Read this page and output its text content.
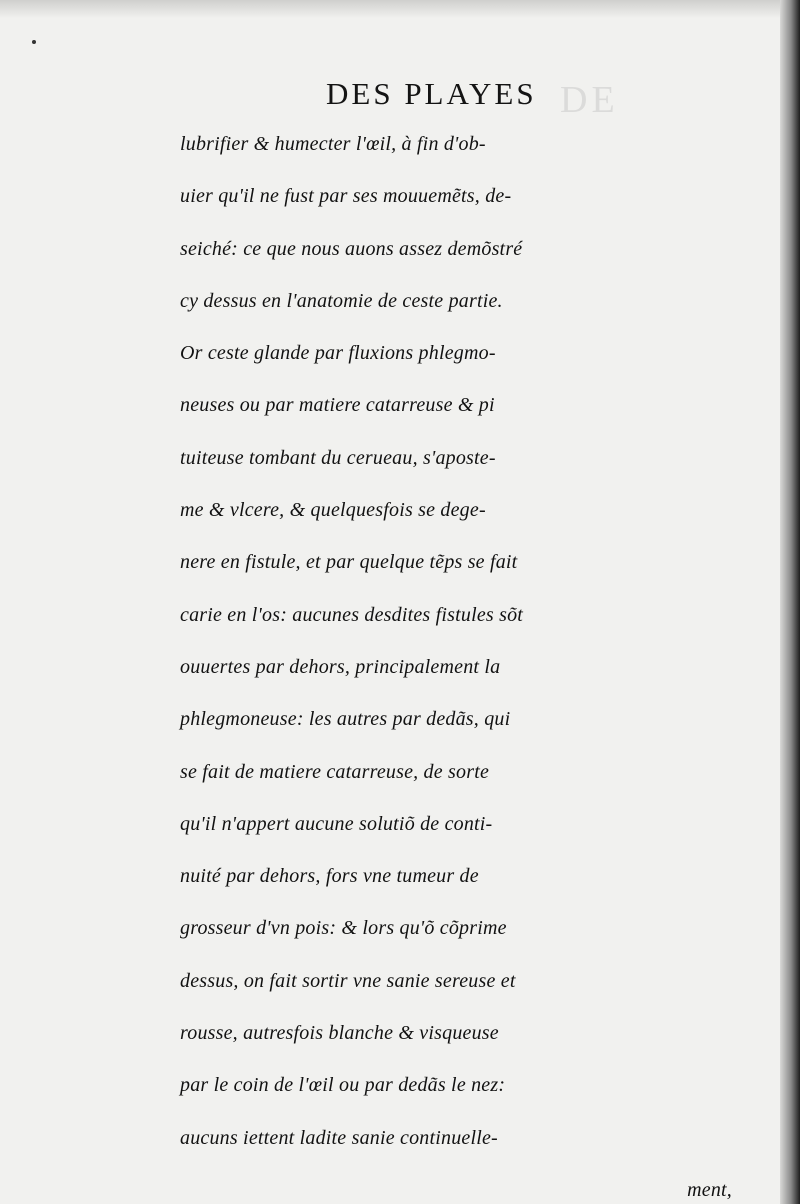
DE
DES PLAYES
lubrifier & humecter l'œil, à fin d'ob-
uier qu'il ne fust par ses mouuemẽts, de-
seiché: ce que nous auons assez demõstré
cy dessus en l'anatomie de ceste partie.
Or ceste glande par fluxions phlegmo-
neuses ou par matiere catarreuse & pi
tuiteuse tombant du cerueau, s'aposte-
me & vlcere, & quelquesfois se dege-
nere en fistule, et par quelque tẽps se fait
carie en l'os: aucunes desdites fistules sõt
ouuertes par dehors, principalement la
phlegmoneuse: les autres par dedãs, qui
se fait de matiere catarreuse, de sorte
qu'il n'appert aucune solutiõ de conti-
nuité par dehors, fors vne tumeur de
grosseur d'vn pois: & lors qu'õ cõprime
dessus, on fait sortir vne sanie sereuse et
rousse, autresfois blanche & visqueuse
par le coin de l'œil ou par dedãs le nez:
aucuns iettent ladite sanie continuelle-
ment,
